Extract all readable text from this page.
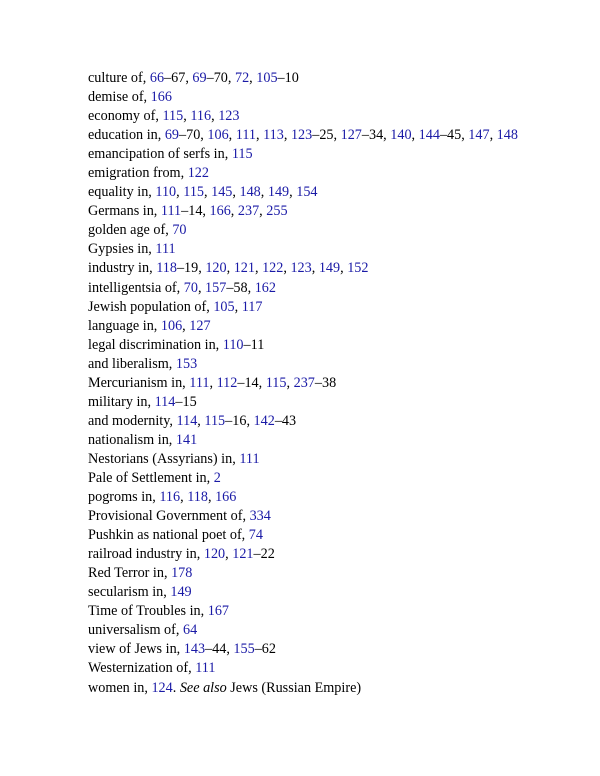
culture of, 66–67, 69–70, 72, 105–10
demise of, 166
economy of, 115, 116, 123
education in, 69–70, 106, 111, 113, 123–25, 127–34, 140, 144–45, 147, 148
emancipation of serfs in, 115
emigration from, 122
equality in, 110, 115, 145, 148, 149, 154
Germans in, 111–14, 166, 237, 255
golden age of, 70
Gypsies in, 111
industry in, 118–19, 120, 121, 122, 123, 149, 152
intelligentsia of, 70, 157–58, 162
Jewish population of, 105, 117
language in, 106, 127
legal discrimination in, 110–11
and liberalism, 153
Mercurianism in, 111, 112–14, 115, 237–38
military in, 114–15
and modernity, 114, 115–16, 142–43
nationalism in, 141
Nestorians (Assyrians) in, 111
Pale of Settlement in, 2
pogroms in, 116, 118, 166
Provisional Government of, 334
Pushkin as national poet of, 74
railroad industry in, 120, 121–22
Red Terror in, 178
secularism in, 149
Time of Troubles in, 167
universalism of, 64
view of Jews in, 143–44, 155–62
Westernization of, 111
women in, 124. See also Jews (Russian Empire)
